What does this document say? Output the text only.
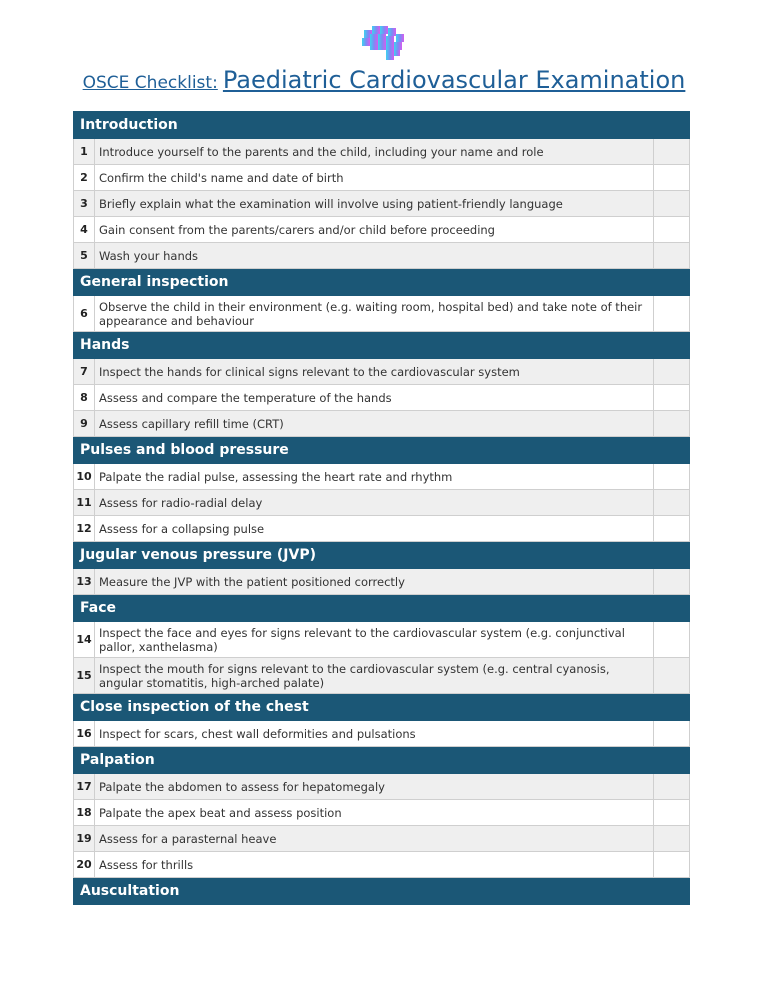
OSCE Checklist: Paediatric Cardiovascular Examination
Introduction		
1	Introduce yourself to the parents and the child, including your name and role	
2	Confirm the child's name and date of birth	
3	Briefly explain what the examination will involve using patient-friendly language	
4	Gain consent from the parents/carers and/or child before proceeding	
5	Wash your hands	
General inspection		
6	Observe the child in their environment (e.g. waiting room, hospital bed) and take note of their appearance and behaviour	
Hands		
7	Inspect the hands for clinical signs relevant to the cardiovascular system	
8	Assess and compare the temperature of the hands	
9	Assess capillary refill time (CRT)	
Pulses and blood pressure		
10	Palpate the radial pulse, assessing the heart rate and rhythm	
11	Assess for radio-radial delay	
12	Assess for a collapsing pulse	
Jugular venous pressure (JVP)		
13	Measure the JVP with the patient positioned correctly	
Face		
14	Inspect the face and eyes for signs relevant to the cardiovascular system (e.g. conjunctival pallor, xanthelasma)	
15	Inspect the mouth for signs relevant to the cardiovascular system (e.g. central cyanosis, angular stomatitis, high-arched palate)	
Close inspection of the chest		
16	Inspect for scars, chest wall deformities and pulsations	
Palpation		
17	Palpate the abdomen to assess for hepatomegaly	
18	Palpate the apex beat and assess position	
19	Assess for a parasternal heave	
20	Assess for thrills	
Auscultation		
